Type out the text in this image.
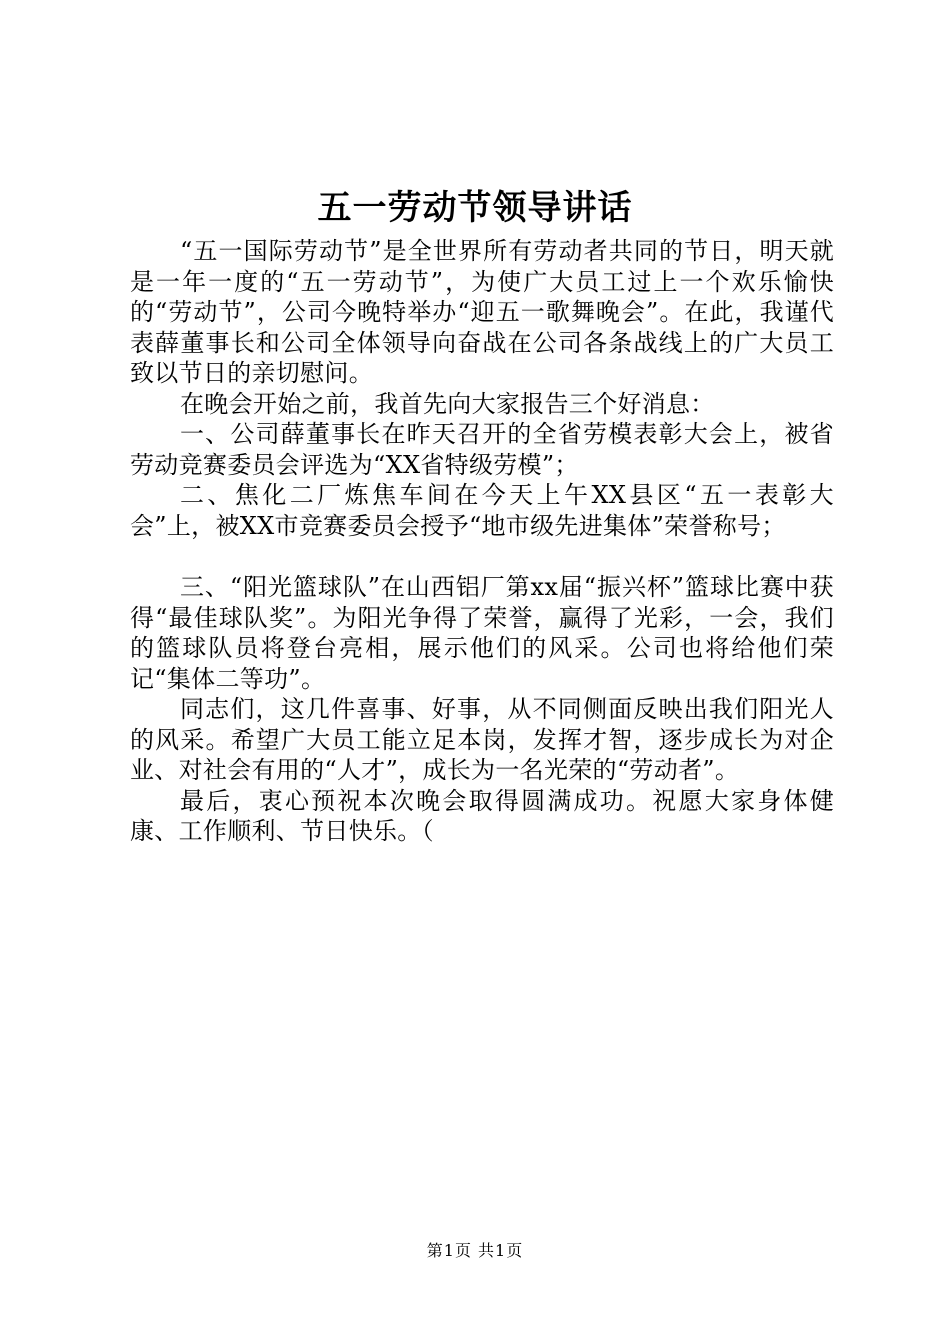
五一劳动节领导讲话

“五一国际劳动节”是全世界所有劳动者共同的节日，明天就是一年一度的“五一劳动节”，为使广大员工过上一个欢乐愉快的“劳动节”，公司今晚特举办“迎五一歌舞晚会”。在此，我谨代表薛董事长和公司全体领导向奋战在公司各条战线上的广大员工致以节日的亲切慰问。

在晚会开始之前，我首先向大家报告三个好消息：

一、公司薛董事长在昨天召开的全省劳模表彰大会上，被省劳动竞赛委员会评选为“XX省特级劳模”；

二、焦化二厂炼焦车间在今天上午XX县区“五一表彰大会”上，被XX市竞赛委员会授予“地市级先进集体”荣誉称号；

三、“阳光篮球队”在山西铝厂第xx届“振兴杯”篮球比赛中获得“最佳球队奖”。为阳光争得了荣誉，赢得了光彩，一会，我们的篮球队员将登台亮相，展示他们的风采。公司也将给他们荣记“集体二等功”。

同志们，这几件喜事、好事，从不同侧面反映出我们阳光人的风采。希望广大员工能立足本岗，发挥才智，逐步成长为对企业、对社会有用的“人才”，成长为一名光荣的“劳动者”。

最后，衷心预祝本次晚会取得圆满成功。祝愿大家身体健康、工作顺利、节日快乐。（

第1页 共1页
